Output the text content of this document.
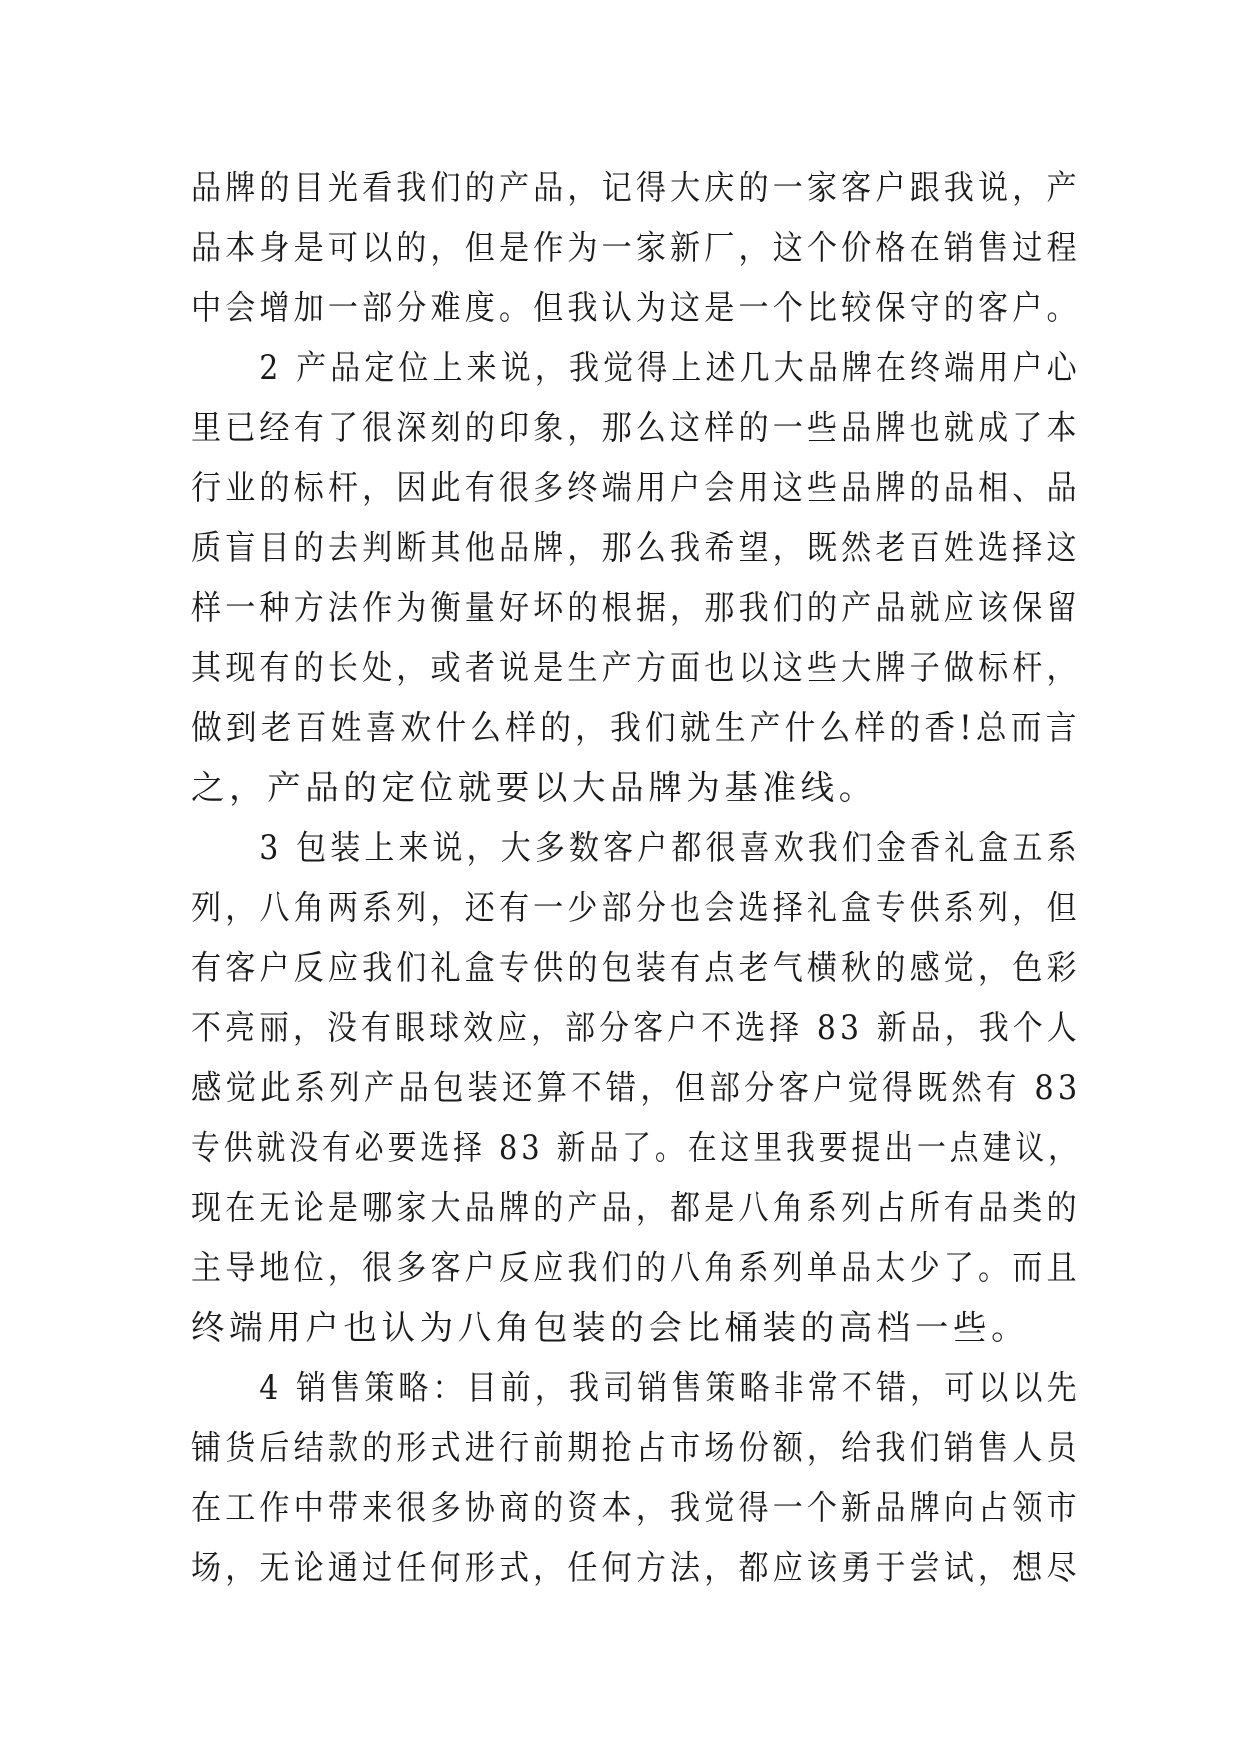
品牌的目光看我们的产品，记得大庆的一家客户跟我说，产
品本身是可以的，但是作为一家新厂，这个价格在销售过程
中会增加一部分难度。但我认为这是一个比较保守的客户。
　　2 产品定位上来说，我觉得上述几大品牌在终端用户心
里已经有了很深刻的印象，那么这样的一些品牌也就成了本
行业的标杆，因此有很多终端用户会用这些品牌的品相、品
质盲目的去判断其他品牌，那么我希望，既然老百姓选择这
样一种方法作为衡量好坏的根据，那我们的产品就应该保留
其现有的长处，或者说是生产方面也以这些大牌子做标杆，
做到老百姓喜欢什么样的，我们就生产什么样的香!总而言
之，产品的定位就要以大品牌为基准线。
　　3 包装上来说，大多数客户都很喜欢我们金香礼盒五系
列，八角两系列，还有一少部分也会选择礼盒专供系列，但
有客户反应我们礼盒专供的包装有点老气横秋的感觉，色彩
不亮丽，没有眼球效应，部分客户不选择 83 新品，我个人
感觉此系列产品包装还算不错，但部分客户觉得既然有 83
专供就没有必要选择 83 新品了。在这里我要提出一点建议，
现在无论是哪家大品牌的产品，都是八角系列占所有品类的
主导地位，很多客户反应我们的八角系列单品太少了。而且
终端用户也认为八角包装的会比桶装的高档一些。
　　4 销售策略：目前，我司销售策略非常不错，可以以先
铺货后结款的形式进行前期抢占市场份额，给我们销售人员
在工作中带来很多协商的资本，我觉得一个新品牌向占领市
场，无论通过任何形式，任何方法，都应该勇于尝试，想尽
